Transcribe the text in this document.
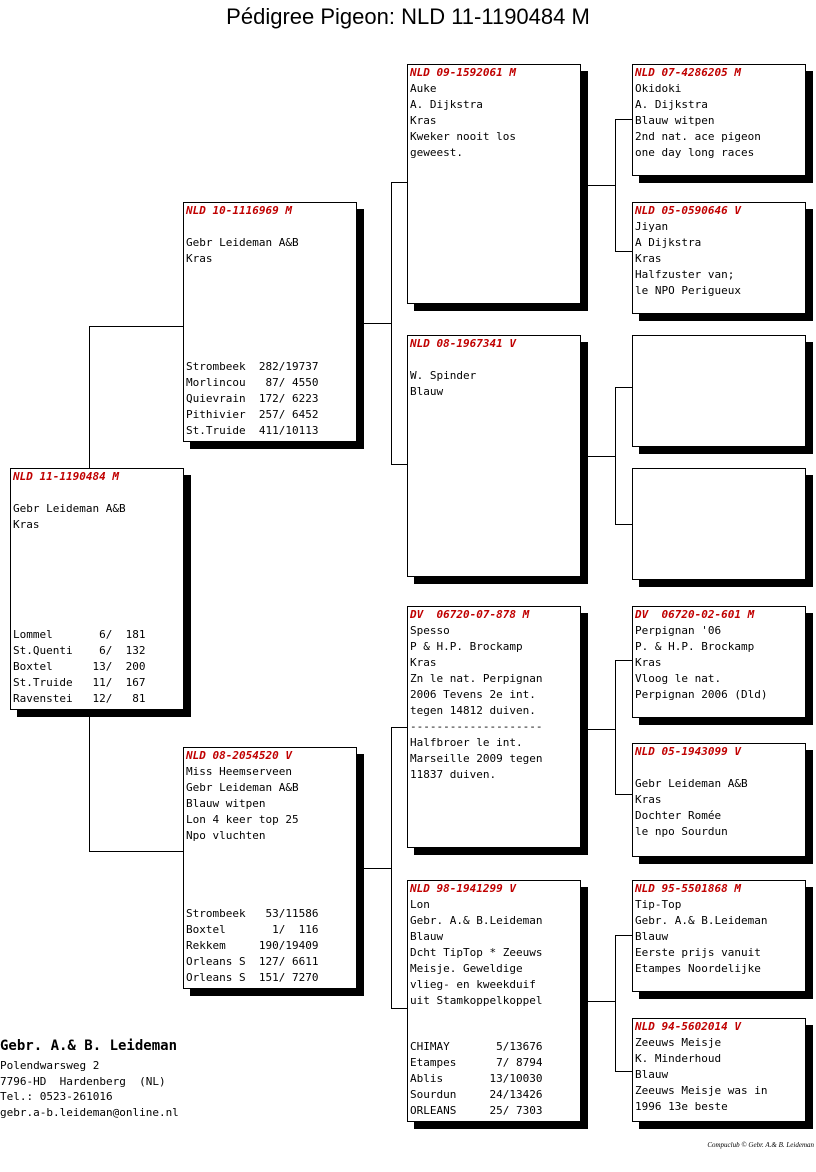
Pédigree Pigeon: NLD 11-1190484 M
NLD 11-1190484 M
Gebr Leideman A&B
Kras
Lommel       6/  181
St.Quenti    6/  132
Boxtel      13/  200
St.Truide   11/  167
Ravenstei   12/   81
NLD 10-1116969 M
Gebr Leideman A&B
Kras
Strombeek  282/19737
Morlincou   87/ 4550
Quievrain  172/ 6223
Pithivier  257/ 6452
St.Truide  411/10113
NLD 08-2054520 V
Miss Heemserveen
Gebr Leideman A&B
Blauw witpen
Lon 4 keer top 25
Npo vluchten
Strombeek   53/11586
Boxtel       1/  116
Rekkem     190/19409
Orleans S  127/ 6611
Orleans S  151/ 7270
NLD 09-1592061 M
Auke
A. Dijkstra
Kras
Kweker nooit los
geweest.
NLD 08-1967341 V
W. Spinder
Blauw
DV  06720-07-878 M
Spesso
P & H.P. Brockamp
Kras
Zn le nat. Perpignan
2006 Tevens 2e int.
tegen 14812 duiven.
--------------------
Halfbroer le int.
Marseille 2009 tegen
11837 duiven.
NLD 98-1941299 V
Lon
Gebr. A.& B.Leideman
Blauw
Dcht TipTop * Zeeuws
Meisje. Geweldige
vlieg- en kweekduif
uit Stamkoppelkoppel
CHIMAY       5/13676
Etampes      7/ 8794
Ablis       13/10030
Sourdun     24/13426
ORLEANS     25/ 7303
NLD 07-4286205 M
Okidoki
A. Dijkstra
Blauw witpen
2nd nat. ace pigeon
one day long races
NLD 05-0590646 V
Jiyan
A Dijkstra
Kras
Halfzuster van;
le NPO Perigueux
DV  06720-02-601 M
Perpignan '06
P. & H.P. Brockamp
Kras
Vloog le nat.
Perpignan 2006 (Dld)
NLD 05-1943099 V
Gebr Leideman A&B
Kras
Dochter Romée
le npo Sourdun
NLD 95-5501868 M
Tip-Top
Gebr. A.& B.Leideman
Blauw
Eerste prijs vanuit
Etampes Noordelijke
NLD 94-5602014 V
Zeeuws Meisje
K. Minderhoud
Blauw
Zeeuws Meisje was in
1996 13e beste
Gebr. A.& B. Leideman
Polendwarsweg 2
7796-HD  Hardenberg  (NL)
Tel.: 0523-261016
gebr.a-b.leideman@online.nl
Compuclub © Gebr. A.& B. Leideman
